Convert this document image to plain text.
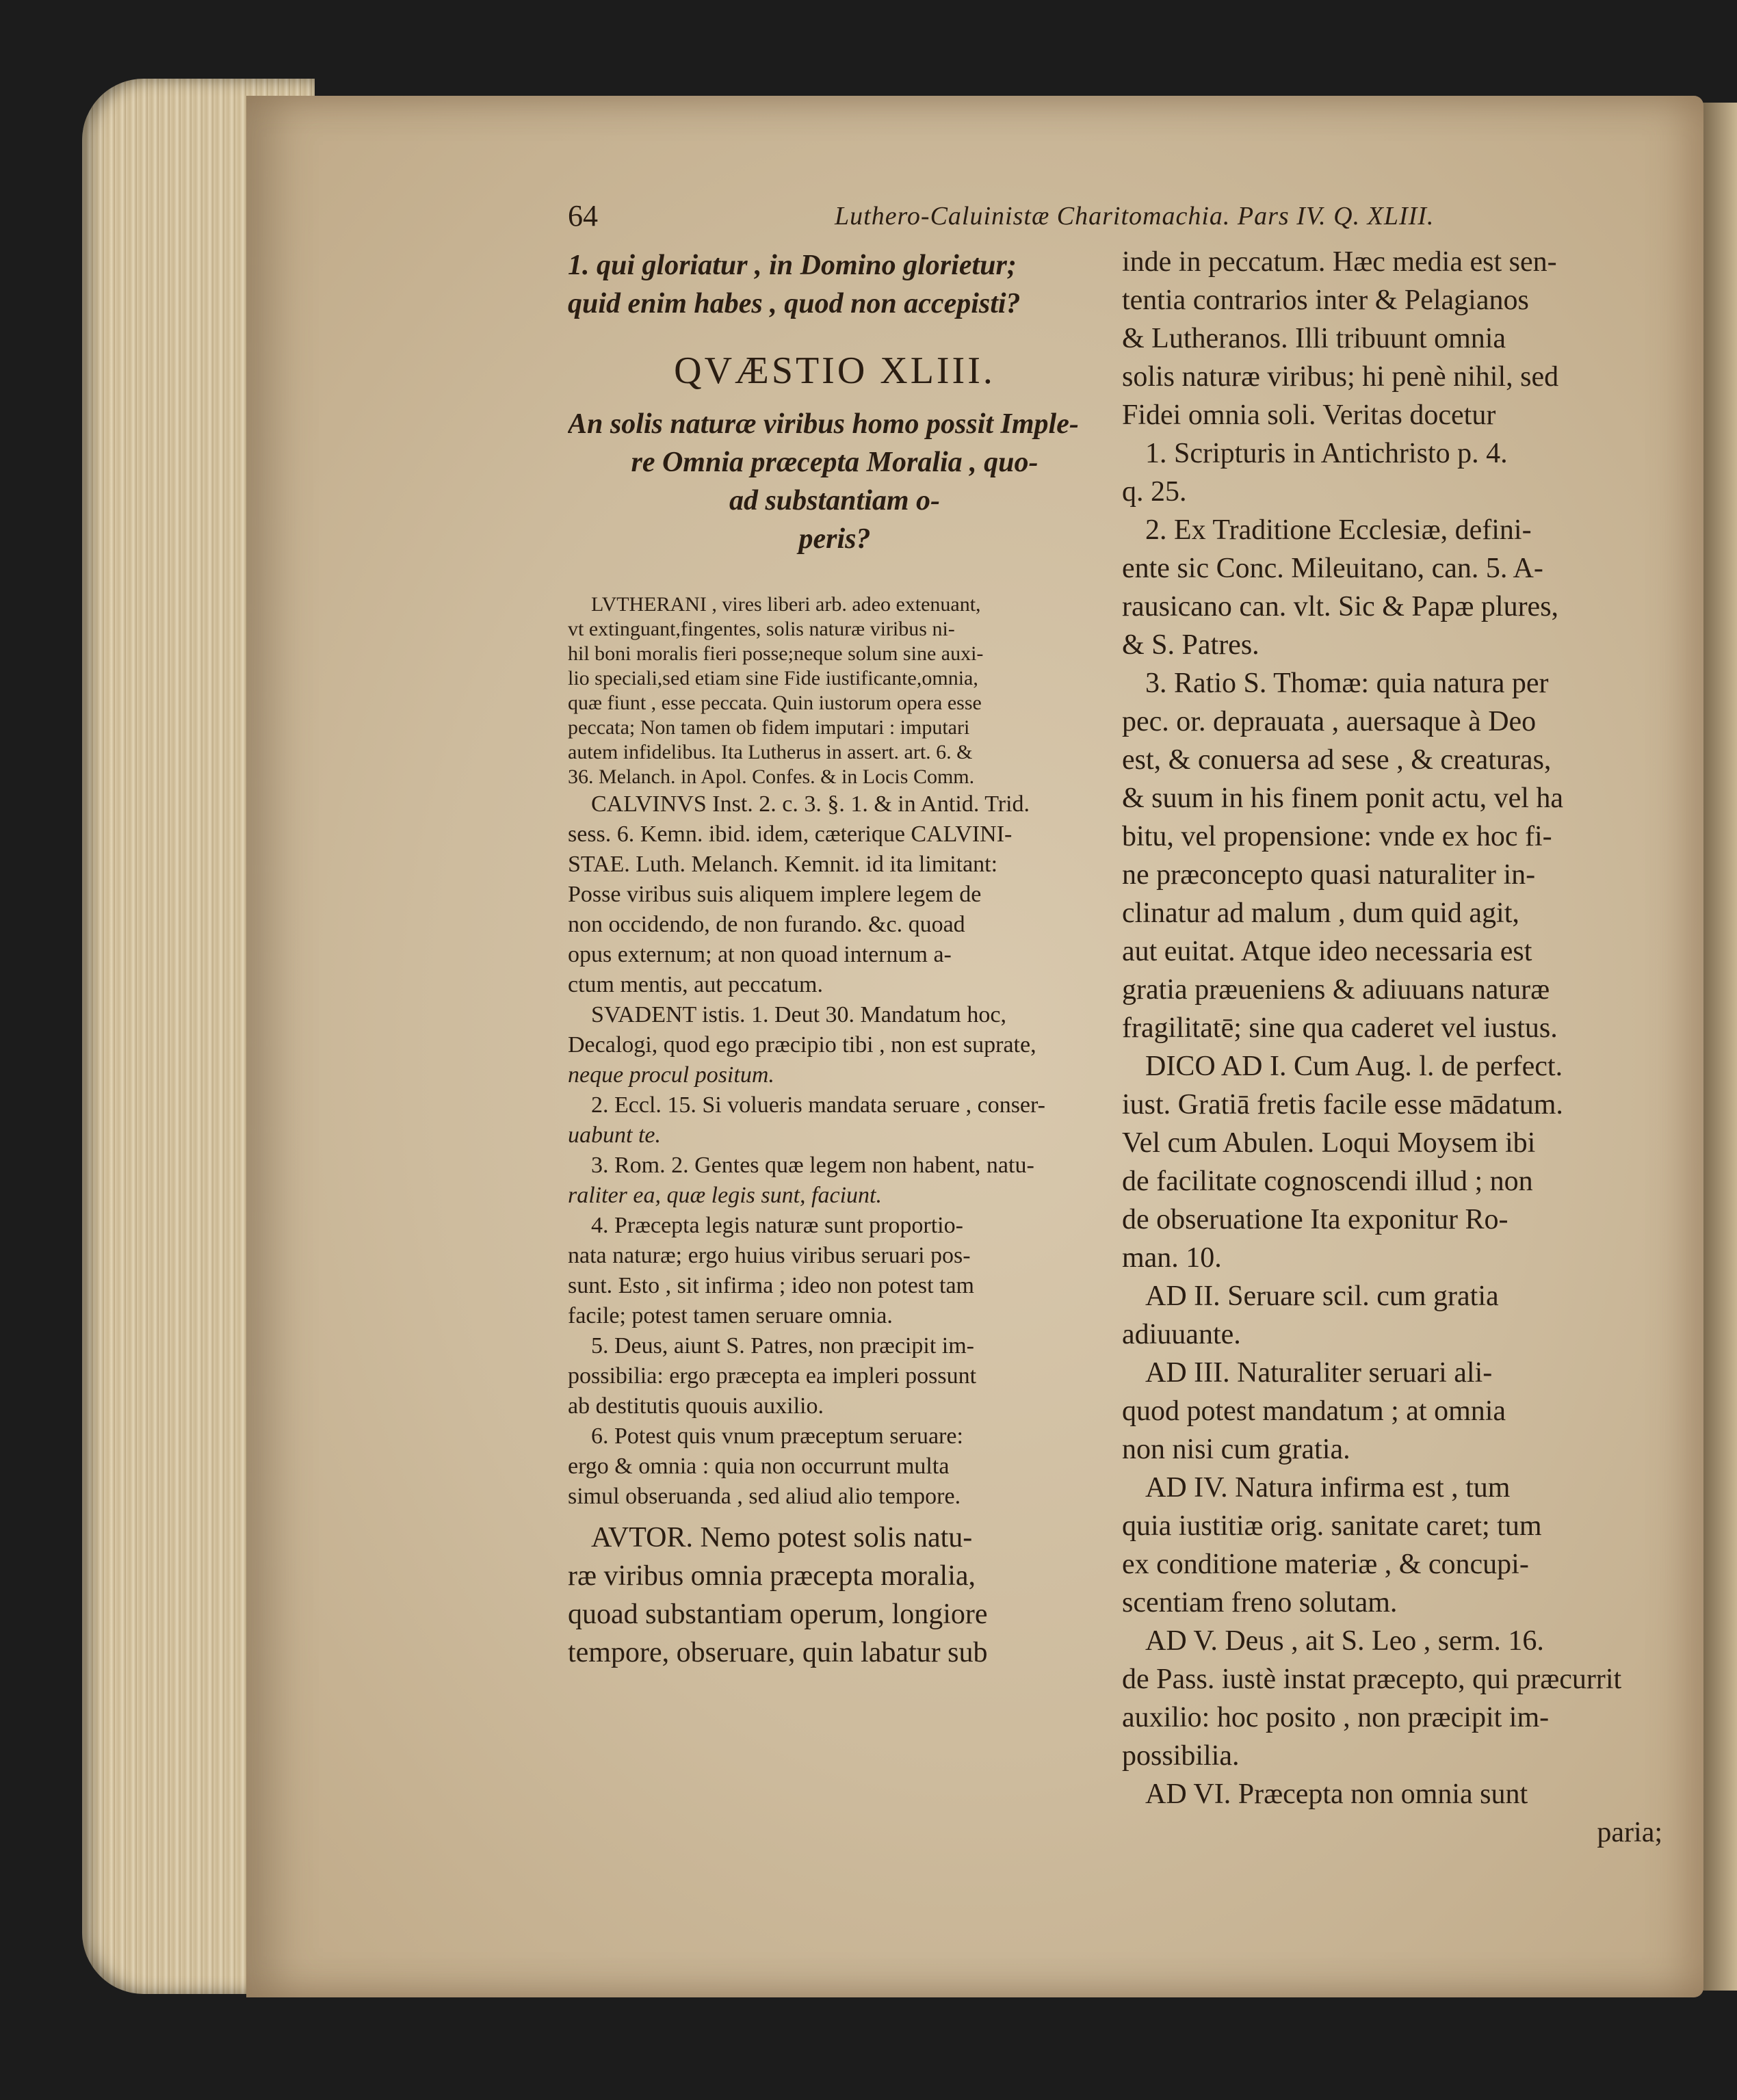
64	Luthero-Caluinistæ Charitomachia. Pars IV. Q. XLIII.
1. qui gloriatur , in Domino glorietur;
quid enim habes , quod non accepisti?
QVÆSTIO XLIII.
An solis naturæ viribus homo possit Imple-
re Omnia præcepta Moralia , quo-
ad substantiam o-
peris?
LVTHERANI , vires liberi arb. adeo extenuant,
vt extinguant,fingentes, solis naturæ viribus ni-
hil boni moralis fieri posse;neque solum sine auxi-
lio speciali,sed etiam sine Fide iustificante,omnia,
quæ fiunt , esse peccata. Quin iustorum opera esse
peccata; Non tamen ob fidem imputari : imputari
autem infidelibus. Ita Lutherus in assert. art. 6. &
36. Melanch. in Apol. Confes. & in Locis Comm.
CALVINVS Inst. 2. c. 3. §. 1. & in Antid. Trid.
sess. 6. Kemn. ibid. idem, cæterique CALVINI-
STAE. Luth. Melanch. Kemnit. id ita limitant:
Posse viribus suis aliquem implere legem de
non occidendo, de non furando. &c. quoad
opus externum; at non quoad internum a-
ctum mentis, aut peccatum.
SVADENT istis. 1. Deut 30. Mandatum hoc,
Decalogi, quod ego præcipio tibi , non est suprate,
neque procul positum.
2. Eccl. 15. Si volueris mandata seruare , conser-
uabunt te.
3. Rom. 2. Gentes quæ legem non habent, natu-
raliter ea, quæ legis sunt, faciunt.
4. Præcepta legis naturæ sunt proportio-
nata naturæ; ergo huius viribus seruari pos-
sunt. Esto , sit infirma ; ideo non potest tam
facile; potest tamen seruare omnia.
5. Deus, aiunt S. Patres, non præcipit im-
possibilia: ergo præcepta ea impleri possunt
ab destitutis quouis auxilio.
6. Potest quis vnum præceptum seruare:
ergo & omnia : quia non occurrunt multa
simul obseruanda , sed aliud alio tempore.
AVTOR. Nemo potest solis natu-
ræ viribus omnia præcepta moralia,
quoad substantiam operum, longiore
tempore, obseruare, quin labatur sub
inde in peccatum. Hæc media est sen-
tentia contrarios inter & Pelagianos
& Lutheranos. Illi tribuunt omnia
solis naturæ viribus; hi penè nihil, sed
Fidei omnia soli. Veritas docetur
1. Scripturis in Antichristo p. 4.
q. 25.
2. Ex Traditione Ecclesiæ, defini-
ente sic Conc. Mileuitano, can. 5. A-
rausicano can. vlt. Sic & Papæ plures,
& S. Patres.
3. Ratio S. Thomæ: quia natura per
pec. or. deprauata , auersaque à Deo
est, & conuersa ad sese , & creaturas,
& suum in his finem ponit actu, vel ha
bitu, vel propensione: vnde ex hoc fi-
ne præconcepto quasi naturaliter in-
clinatur ad malum , dum quid agit,
aut euitat. Atque ideo necessaria est
gratia præueniens & adiuuans naturæ
fragilitatē; sine qua caderet vel iustus.
DICO AD I. Cum Aug. l. de perfect.
iust. Gratiā fretis facile esse mādatum.
Vel cum Abulen. Loqui Moysem ibi
de facilitate cognoscendi illud ; non
de obseruatione Ita exponitur Ro-
man. 10.
AD II. Seruare scil. cum gratia
adiuuante.
AD III. Naturaliter seruari ali-
quod potest mandatum ; at omnia
non nisi cum gratia.
AD IV. Natura infirma est , tum
quia iustitiæ orig. sanitate caret; tum
ex conditione materiæ , & concupi-
scentiam freno solutam.
AD V. Deus , ait S. Leo , serm. 16.
de Pass. iustè instat præcepto, qui præcurrit
auxilio: hoc posito , non præcipit im-
possibilia.
AD VI. Præcepta non omnia sunt
paria;
